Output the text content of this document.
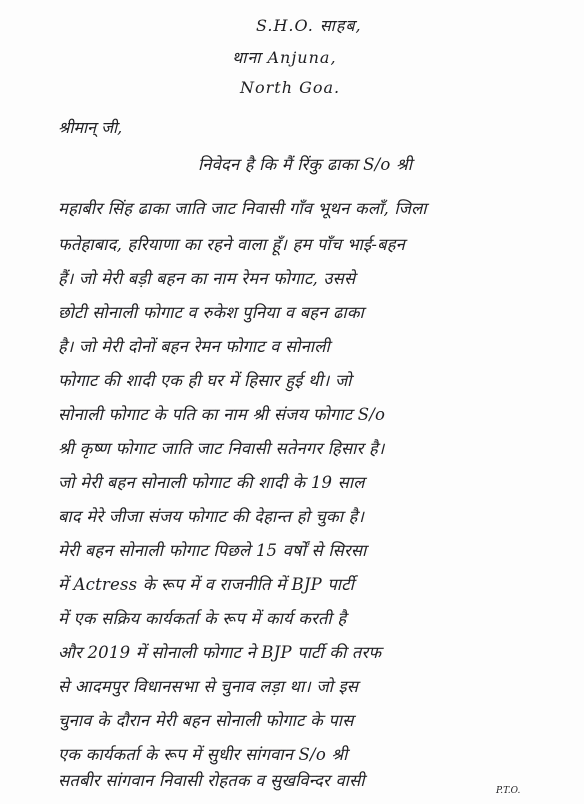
S.H.O. साहब,
थाना Anjuna,
North Goa.
श्रीमान् जी,
निवेदन है कि मैं रिंकु ढाका S/o श्री
महाबीर सिंह ढाका जाति जाट निवासी गाँव भूथन कलाँ, जिला
फतेहाबाद, हरियाणा का रहने वाला हूँ। हम पाँच भाई-बहन
हैं। जो मेरी बड़ी बहन का नाम रेमन फोगाट, उससे
छोटी सोनाली फोगाट व रुकेश पुनिया व बहन ढाका
है। जो मेरी दोनों बहन रेमन फोगाट व सोनाली
फोगाट की शादी एक ही घर में हिसार हुई थी। जो
सोनाली फोगाट के पति का नाम श्री संजय फोगाट S/o
श्री कृष्ण फोगाट जाति जाट निवासी सतेनगर हिसार है।
जो मेरी बहन सोनाली फोगाट की शादी के 19 साल
बाद मेरे जीजा संजय फोगाट की देहान्त हो चुका है।
मेरी बहन सोनाली फोगाट पिछले 15 वर्षों से सिरसा
में Actress के रूप में व राजनीति में BJP पार्टी
में एक सक्रिय कार्यकर्ता के रूप में कार्य करती है
और 2019 में सोनाली फोगाट ने BJP पार्टी की तरफ
से आदमपुर विधानसभा से चुनाव लड़ा था। जो इस
चुनाव के दौरान मेरी बहन सोनाली फोगाट के पास
एक कार्यकर्ता के रूप में सुधीर सांगवान S/o श्री
सतबीर सांगवान निवासी रोहतक व सुखविन्दर वासी
P.T.O.
